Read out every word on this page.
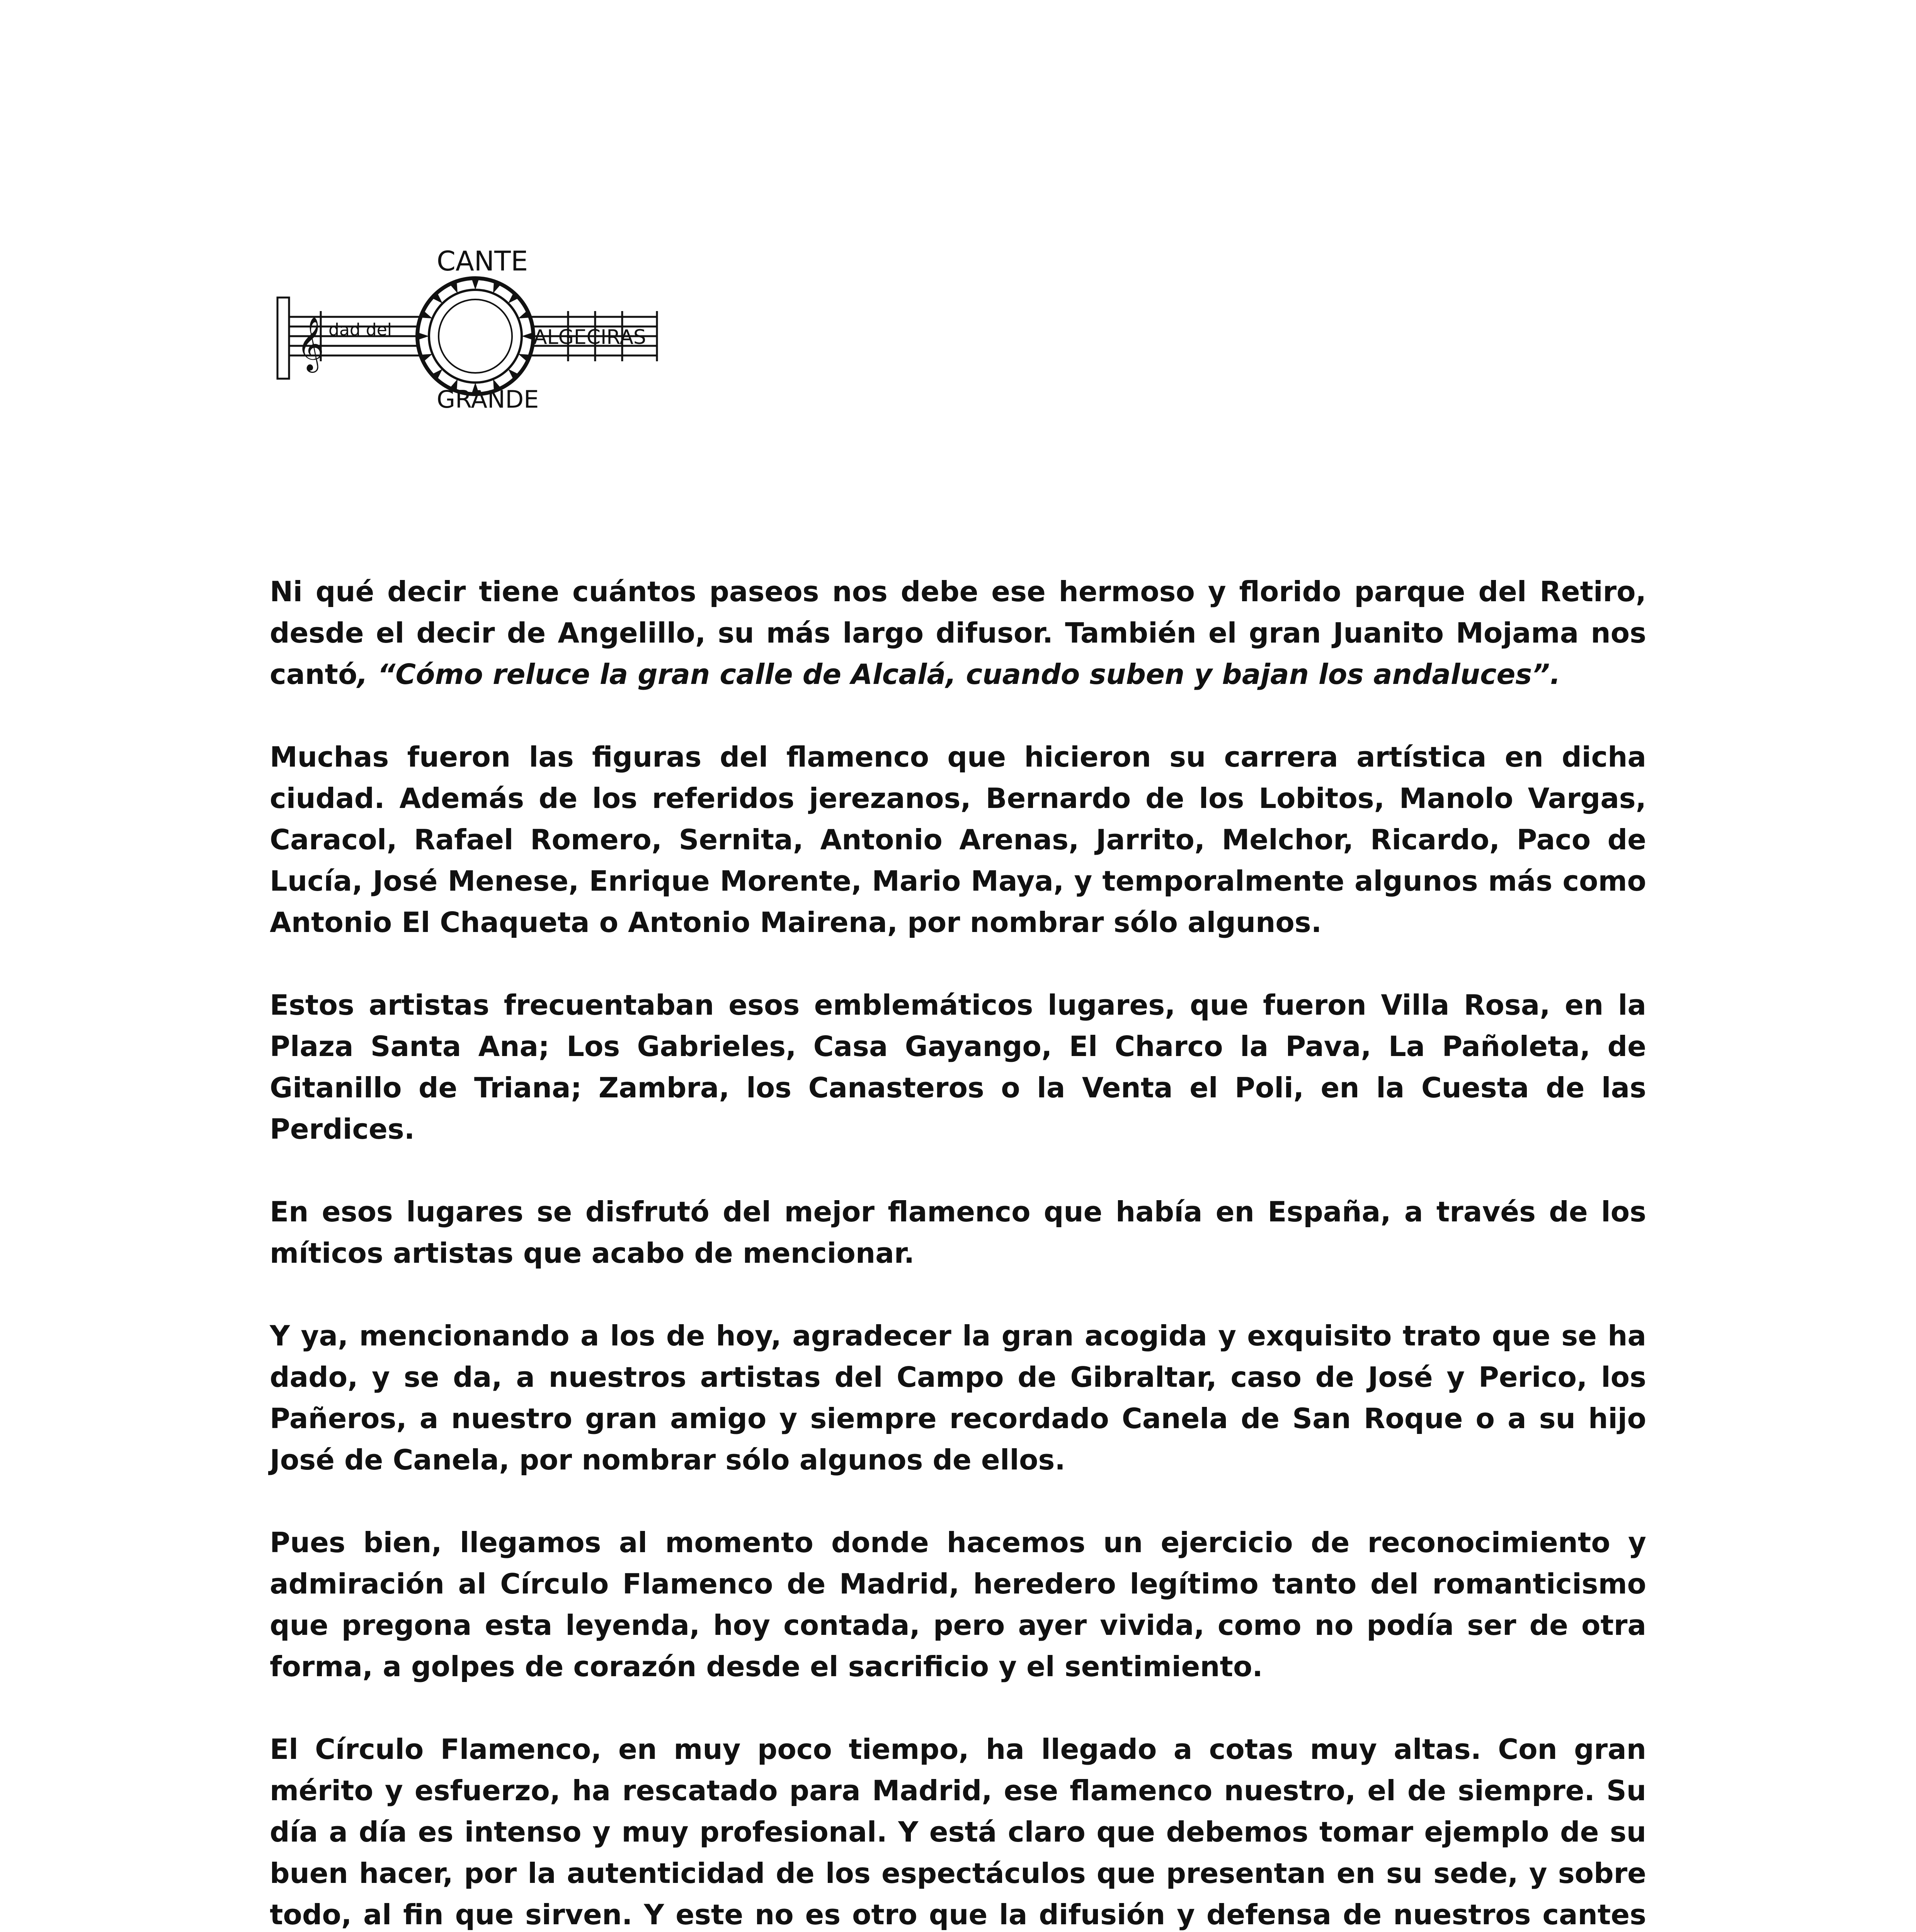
𝄞
CANTE
GRANDE
dad del	ALGECIRAS

Ni qué decir tiene cuántos paseos nos debe ese hermoso y florido parque del Retiro, desde el decir de Angelillo, su más largo difusor. También el gran Juanito Mojama nos cantó, “Cómo reluce la gran calle de Alcalá, cuando suben y bajan los andaluces”.

Muchas fueron las figuras del flamenco que hicieron su carrera artística en dicha ciudad. Además de los referidos jerezanos, Bernardo de los Lobitos, Manolo Vargas, Caracol, Rafael Romero, Sernita, Antonio Arenas, Jarrito, Melchor, Ricardo, Paco de Lucía, José Menese, Enrique Morente, Mario Maya, y temporalmente algunos más como Antonio El Chaqueta o Antonio Mairena, por nombrar sólo algunos.

Estos artistas frecuentaban esos emblemáticos lugares, que fueron Villa Rosa, en la Plaza Santa Ana; Los Gabrieles, Casa Gayango, El Charco la Pava, La Pañoleta, de Gitanillo de Triana; Zambra, los Canasteros o la Venta el Poli, en la Cuesta de las Perdices.

En esos lugares se disfrutó del mejor flamenco que había en España, a través de los míticos artistas que acabo de mencionar.

Y ya, mencionando a los de hoy, agradecer la gran acogida y exquisito trato que se ha dado, y se da, a nuestros artistas del Campo de Gibraltar, caso de José y Perico, los Pañeros, a nuestro gran amigo y siempre recordado Canela de San Roque o a su hijo José de Canela, por nombrar sólo algunos de ellos.

Pues bien, llegamos al momento donde hacemos un ejercicio de reconocimiento y admiración al Círculo Flamenco de Madrid, heredero legítimo tanto del romanticismo que pregona esta leyenda, hoy contada, pero ayer vivida, como no podía ser de otra forma, a golpes de corazón desde el sacrificio y el sentimiento.

El Círculo Flamenco, en muy poco tiempo, ha llegado a cotas muy altas. Con gran mérito y esfuerzo, ha rescatado para Madrid, ese flamenco nuestro, el de siempre. Su día a día es intenso y muy profesional. Y está claro que debemos tomar ejemplo de su buen hacer, por la autenticidad de los espectáculos que presentan en su sede, y sobre todo, al fin que sirven. Y este no es otro que la difusión y defensa de nuestros cantes
